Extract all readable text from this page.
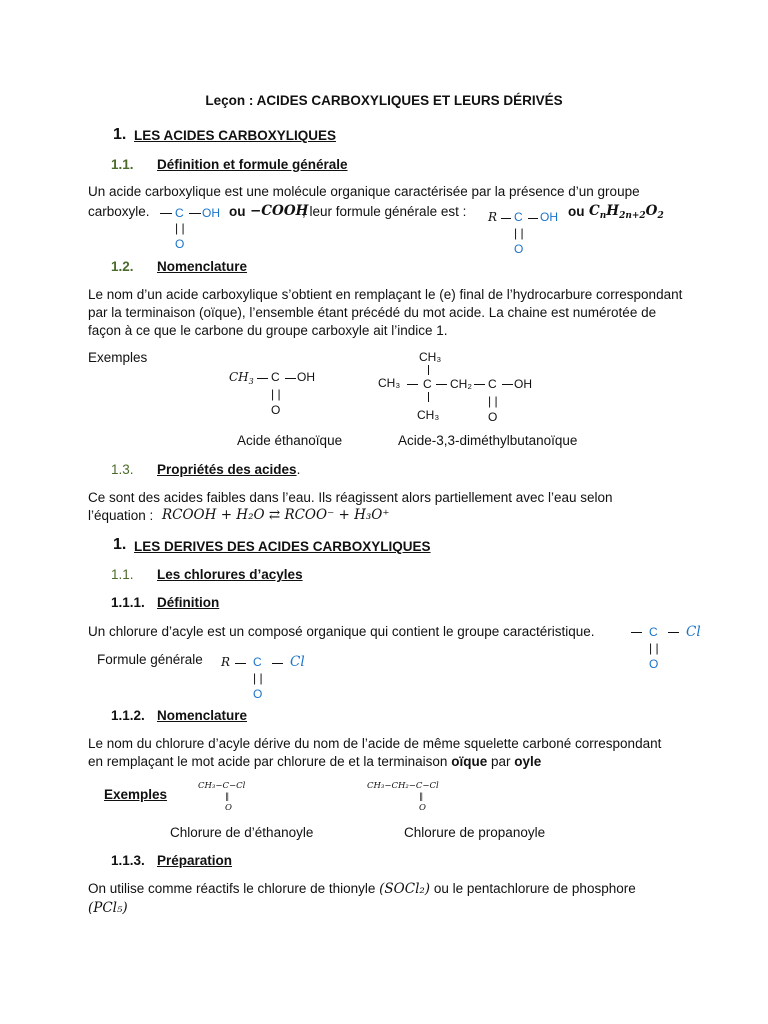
Leçon : ACIDES CARBOXYLIQUES ET LEURS DÉRIVÉS
1. LES ACIDES CARBOXYLIQUES
1.1. Définition et formule générale
Un acide carboxylique est une molécule organique caractérisée par la présence d’un groupe
carboxyle. C OH
| |
O
ou −COOH
; leur formule générale est : R C OH
| |
O
ou $C_nH_{2n+2}O_2$
1.2. Nomenclature
Le nom d’un acide carboxylique s’obtient en remplaçant le (e) final de l’hydrocarbure correspondant par la terminaison (oïque), l’ensemble étant précédé du mot acide. La chaine est numérotée de façon à ce que le carbone du groupe carboxyle ait l’indice 1.
Exemples
$CH_3$ C OH
| |
O
Acide éthanoïque
CH₃
CH₃ C CH₂ C OH
CH₃
| |
O
Acide-3,3-diméthylbutanoïque
1.3. Propriétés des acides.
Ce sont des acides faibles dans l’eau. Ils réagissent alors partiellement avec l’eau selon
l’équation : RCOOH + H₂O ⇄ RCOO⁻ + H₃O⁺
1. LES DERIVES DES ACIDES CARBOXYLIQUES
1.1. Les chlorures d’acyles
1.1.1. Définition
Un chlorure d’acyle est un composé organique qui contient le groupe caractéristique.	C Cl
| |
O
Formule générale R C Cl
| |
O
1.1.2. Nomenclature
Le nom du chlorure d’acyle dérive du nom de l’acide de même squelette carboné correspondant
en remplaçant le mot acide par chlorure de et la terminaison oïque par oyle
Exemples
CH₃−C−Cl
‖
O
Chlorure de d’éthanoyle
CH₃−CH₂−C−Cl
‖
O
Chlorure de propanoyle
1.1.3. Préparation
On utilise comme réactifs le chlorure de thionyle (SOCl₂) ou le pentachlorure de phosphore
(PCl₅)
